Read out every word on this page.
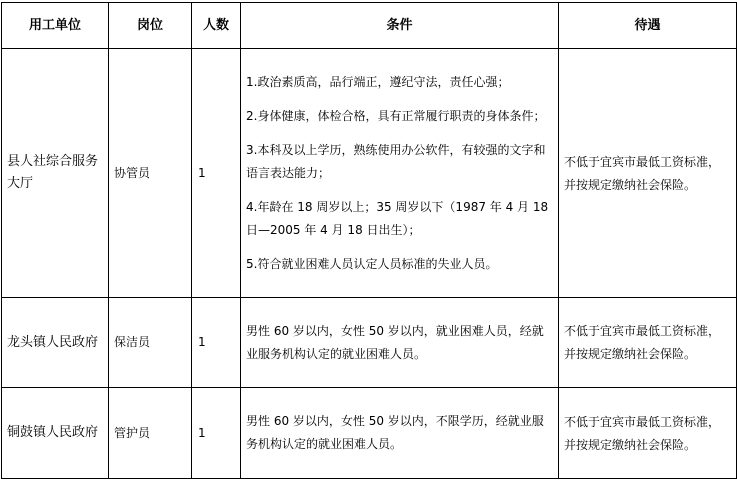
用工单位	岗位	人数	条件	待遇
县人社综合服务大厅	协管员	1	1.政治素质高，品行端正，遵纪守法，责任心强；

2.身体健康，体检合格，具有正常履行职责的身体条件；

3.本科及以上学历，熟练使用办公软件，有较强的文字和语言表达能力；

4.年龄在 18 周岁以上；35 周岁以下（1987 年 4 月 18 日—2005 年 4 月 18 日出生）；

5.符合就业困难人员认定人员标准的失业人员。	不低于宜宾市最低工资标准，并按规定缴纳社会保险。
龙头镇人民政府	保洁员	1	男性 60 岁以内，女性 50 岁以内，就业困难人员，经就业服务机构认定的就业困难人员。	不低于宜宾市最低工资标准，并按规定缴纳社会保险。
铜鼓镇人民政府	管护员	1	男性 60 岁以内，女性 50 岁以内，不限学历，经就业服务机构认定的就业困难人员。	不低于宜宾市最低工资标准，并按规定缴纳社会保险。
